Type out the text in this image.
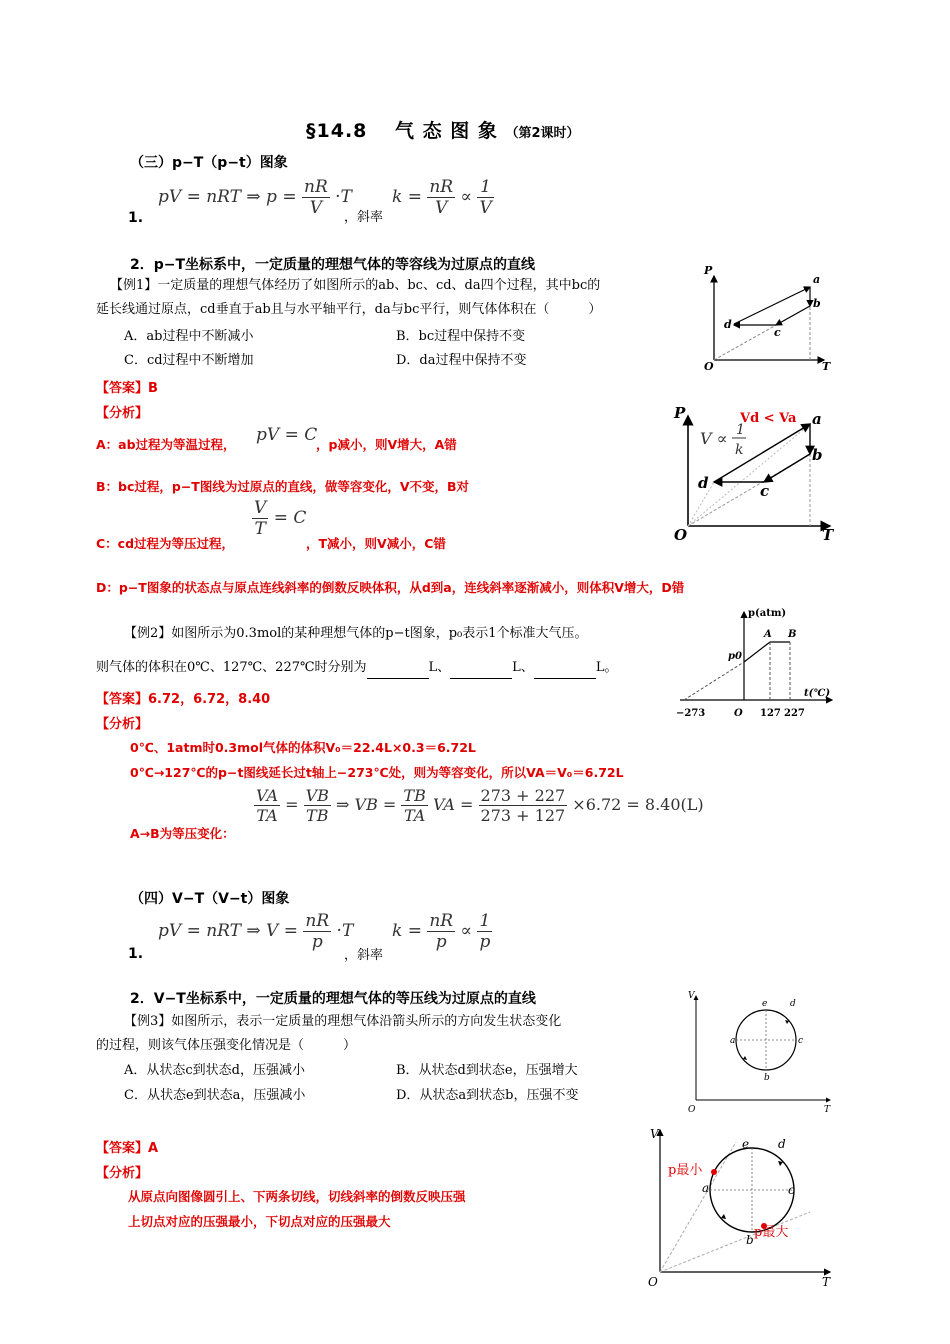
§14.8　 气 态 图 象 （第2课时）
（三）p−T（p−t）图象
1.
pV = nRT ⇒ $p = \frac{nR}{V} \cdot T$
，斜率
$k = \frac{nR}{V} \propto \frac{1}{V}$
2．p−T坐标系中，一定质量的理想气体的等容线为过原点的直线
【例1】一定质量的理想气体经历了如图所示的ab、bc、cd、da四个过程，其中bc的
延长线通过原点，cd垂直于ab且与水平轴平行，da与bc平行，则气体体积在（　　　）
A．ab过程中不断减小	B．bc过程中保持不变
C．cd过程中不断增加	D．da过程中保持不变
【答案】B
【分析】
A：ab过程为等温过程， pV = C
，p减小，则V增大，A错
B：bc过程，p−T图线为过原点的直线，做等容变化，V不变，B对
C：cd过程为等压过程，
$\frac{V}{T} = C$
，T减小，则V减小，C错
D：p−T图象的状态点与原点连线斜率的倒数反映体积，从d到a，连线斜率逐渐减小，则体积V增大，D错
P
O	T
a
b
c
d
P
O	T
a
b
c
d
Vd < Va
V ∝ 1
k
【例2】如图所示为0.3mol的某种理想气体的p−t图象，p₀表示1个标准大气压。
则气体的体积在0℃、127℃、227℃时分别为	L、	L、	L。
【答案】6.72，6.72，8.40
【分析】
0℃、1atm时0.3mol气体的体积V₀＝22.4L×0.3＝6.72L
0℃→127℃的p−t图线延长过t轴上−273℃处，则为等容变化，所以VA＝V₀＝6.72L
A→B为等压变化：
$\frac{VA}{TA} = \frac{VB}{TB}$ ⇒ VB = $\frac{TB}{TA}$ VA = $\frac{273 + 227}{273 + 127} \times 6.72 = 8.40(L)$
p(atm)
A B
p0
t(℃)
−273	O 127 227
（四）V−T（V−t）图象
1.
pV = nRT ⇒ $V = \frac{nR}{p} \cdot T$
，斜率
$k = \frac{nR}{p} \propto \frac{1}{p}$
2．V−T坐标系中，一定质量的理想气体的等压线为过原点的直线
【例3】如图所示，表示一定质量的理想气体沿箭头所示的方向发生状态变化
的过程，则该气体压强变化情况是（　　　）
A．从状态c到状态d，压强减小	B．从状态d到状态e，压强增大
C．从状态e到状态a，压强减小	D．从状态a到状态b，压强不变
【答案】A
【分析】
从原点向图像圆引上、下两条切线，切线斜率的倒数反映压强
上切点对应的压强最小，下切点对应的压强最大
V
O	T
a
b
c
d
e
V
O	T
a
b
c
d
e
p最小
p最大
